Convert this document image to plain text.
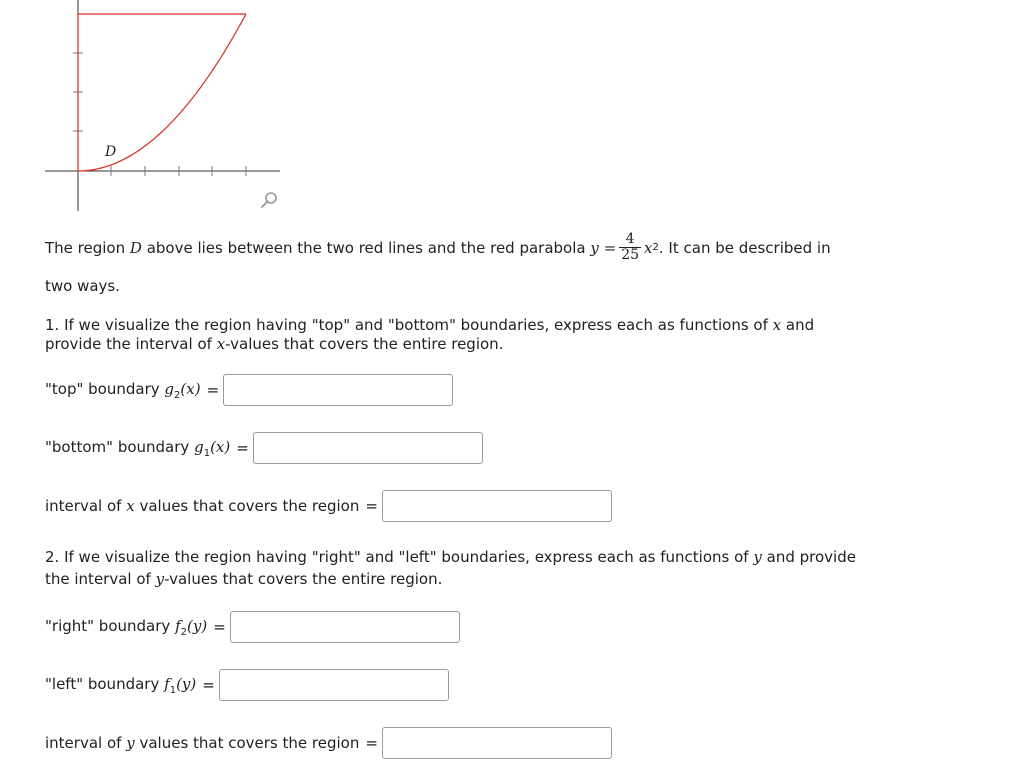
D
The region
D
above lies between the two red lines and the red parabola
y
= $\frac{4}{25}$ x 2 . It can be described in
two ways.
1. If we visualize the region having "top" and "bottom" boundaries, express each as functions of x and
provide the interval of x-values that covers the entire region.
"top" boundary $g_2(x)$ =
"bottom" boundary $g_1(x)$ =
interval of x values that covers the region =
2. If we visualize the region having "right" and "left" boundaries, express each as functions of y and provide
the interval of y-values that covers the entire region.
"right" boundary $f_2(y)$ =
"left" boundary $f_1(y)$ =
interval of y values that covers the region =
